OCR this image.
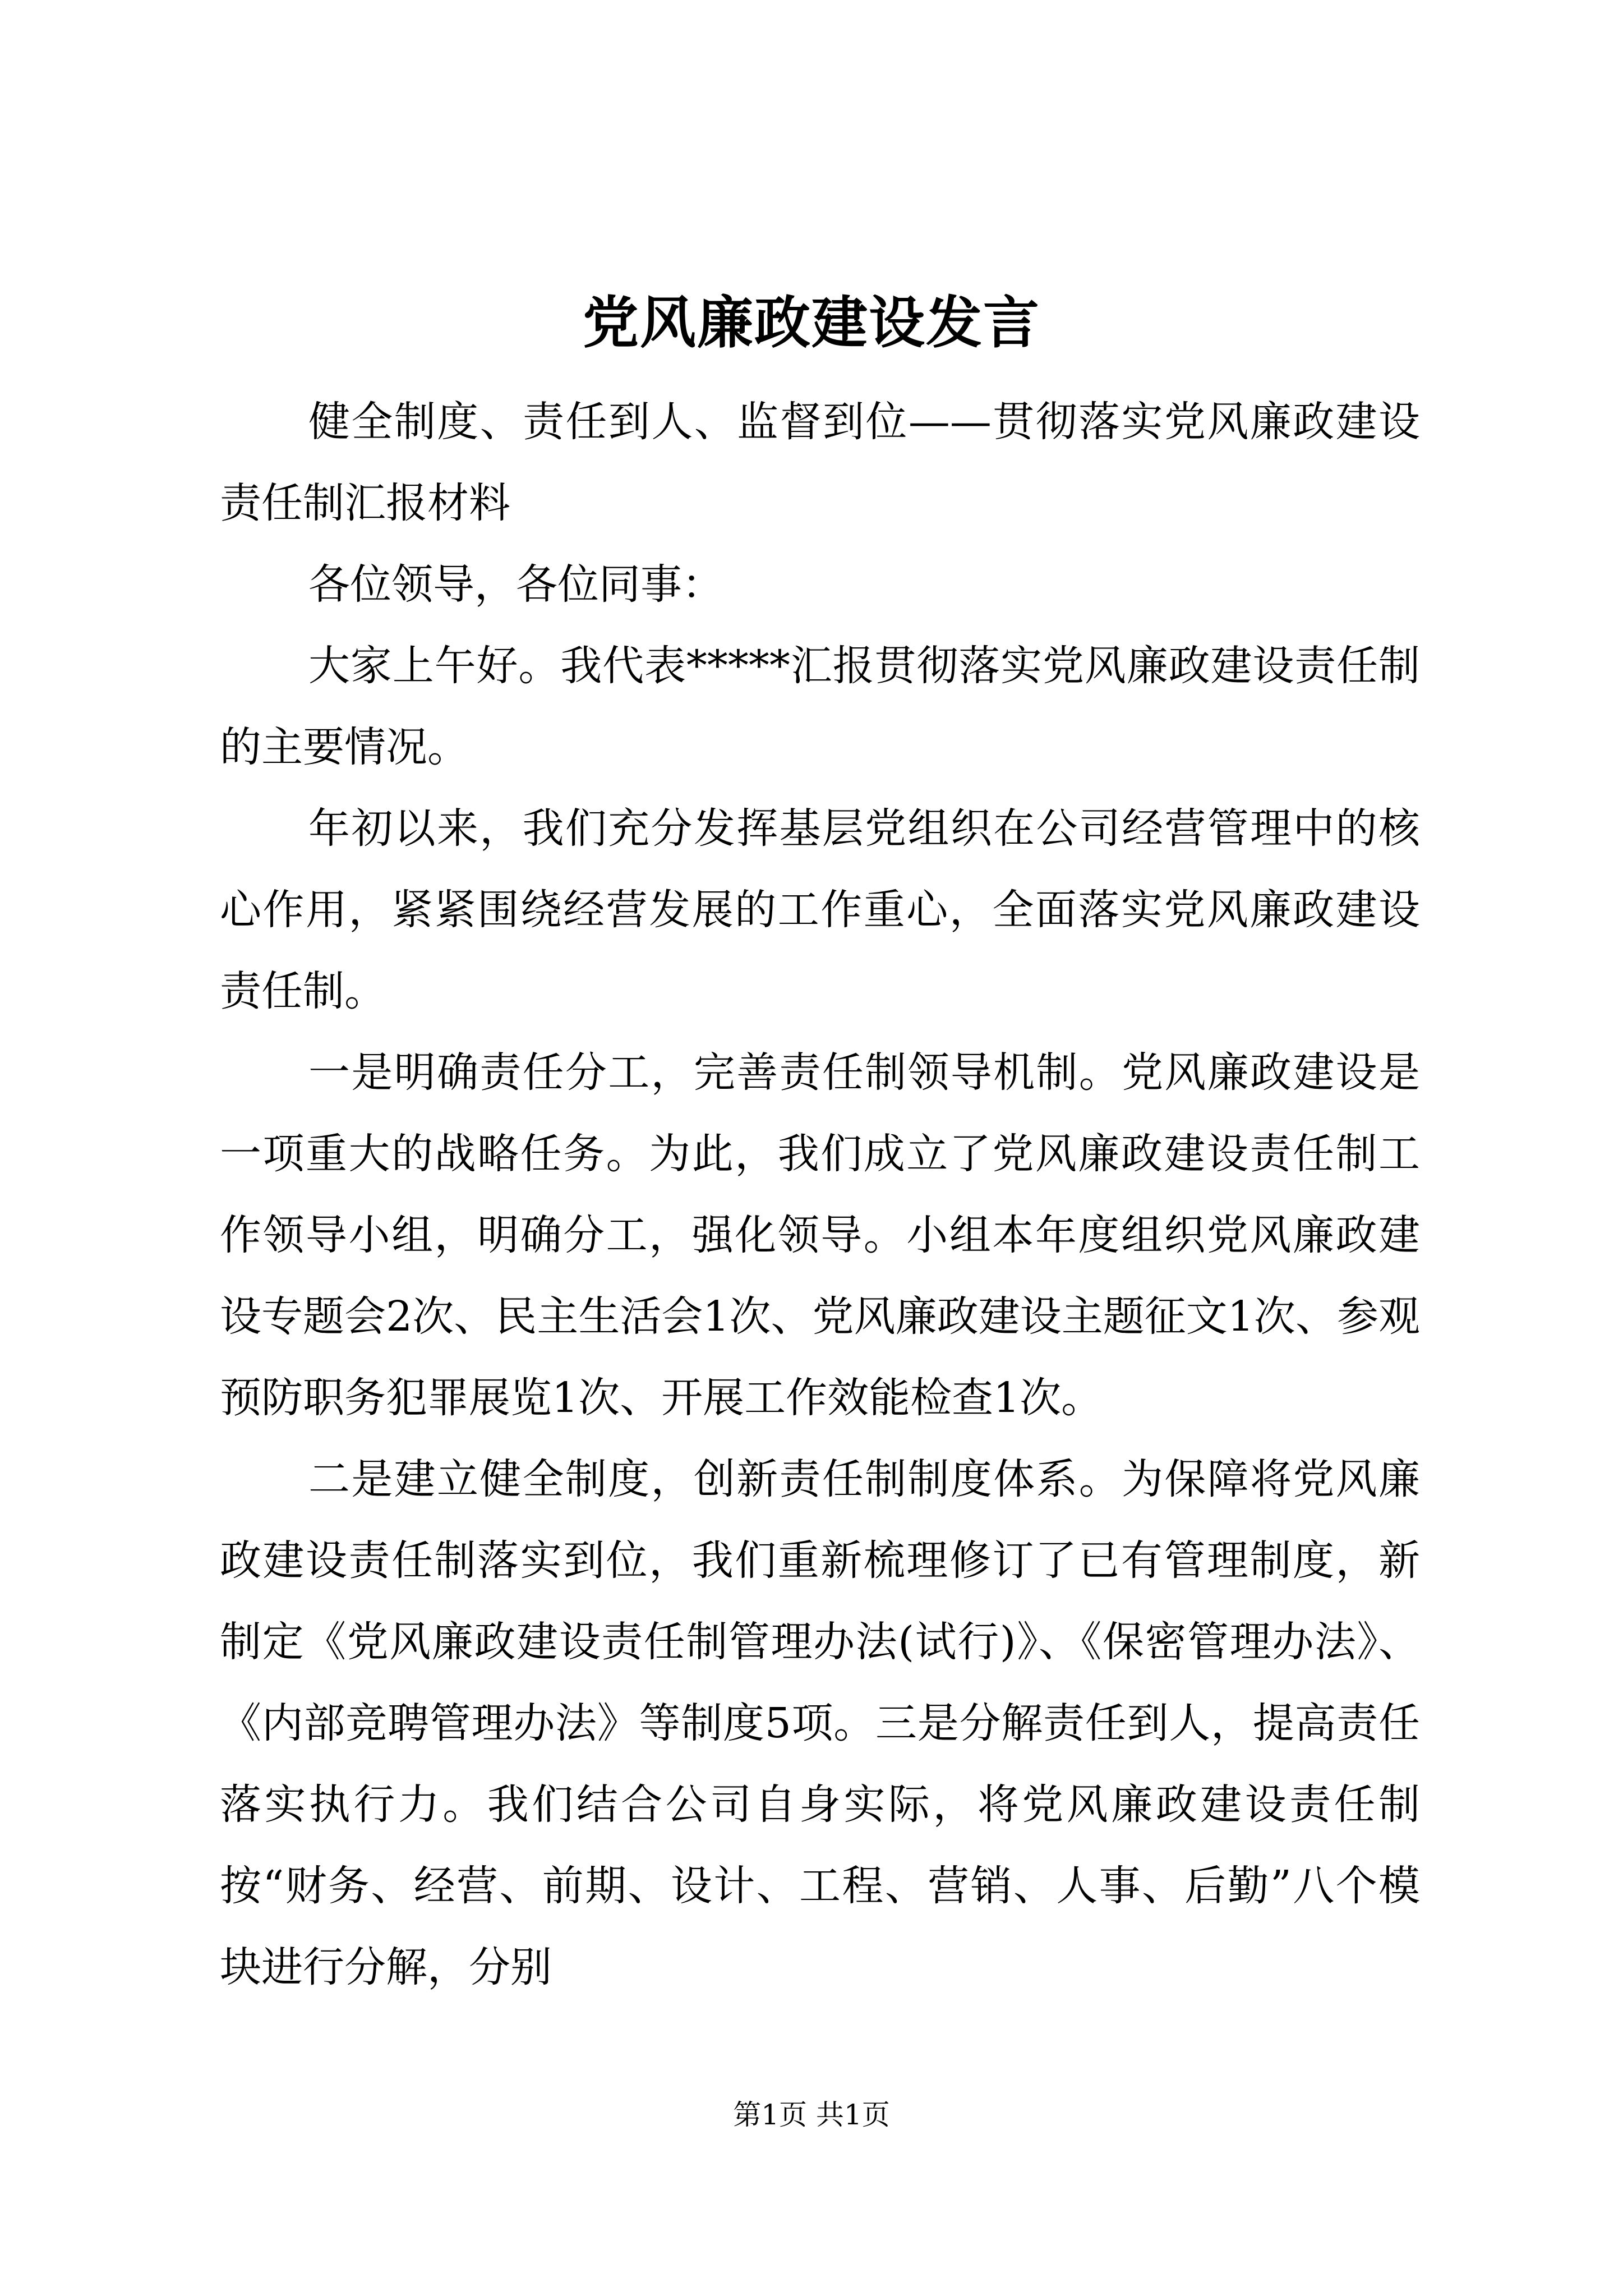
党风廉政建设发言

健全制度、责任到人、监督到位——贯彻落实党风廉政建设责任制汇报材料

各位领导，各位同事：

大家上午好。我代表*****汇报贯彻落实党风廉政建设责任制的主要情况。

年初以来，我们充分发挥基层党组织在公司经营管理中的核心作用，紧紧围绕经营发展的工作重心，全面落实党风廉政建设责任制。

一是明确责任分工，完善责任制领导机制。党风廉政建设是一项重大的战略任务。为此，我们成立了党风廉政建设责任制工作领导小组，明确分工，强化领导。小组本年度组织党风廉政建设专题会2次、民主生活会1次、党风廉政建设主题征文1次、参观预防职务犯罪展览1次、开展工作效能检查1次。

二是建立健全制度，创新责任制制度体系。为保障将党风廉政建设责任制落实到位，我们重新梳理修订了已有管理制度，新制定《党风廉政建设责任制管理办法(试行)》、《保密管理办法》、《内部竞聘管理办法》等制度5项。三是分解责任到人，提高责任落实执行力。我们结合公司自身实际，将党风廉政建设责任制按“财务、经营、前期、设计、工程、营销、人事、后勤”八个模块进行分解，分别

第1页 共1页
